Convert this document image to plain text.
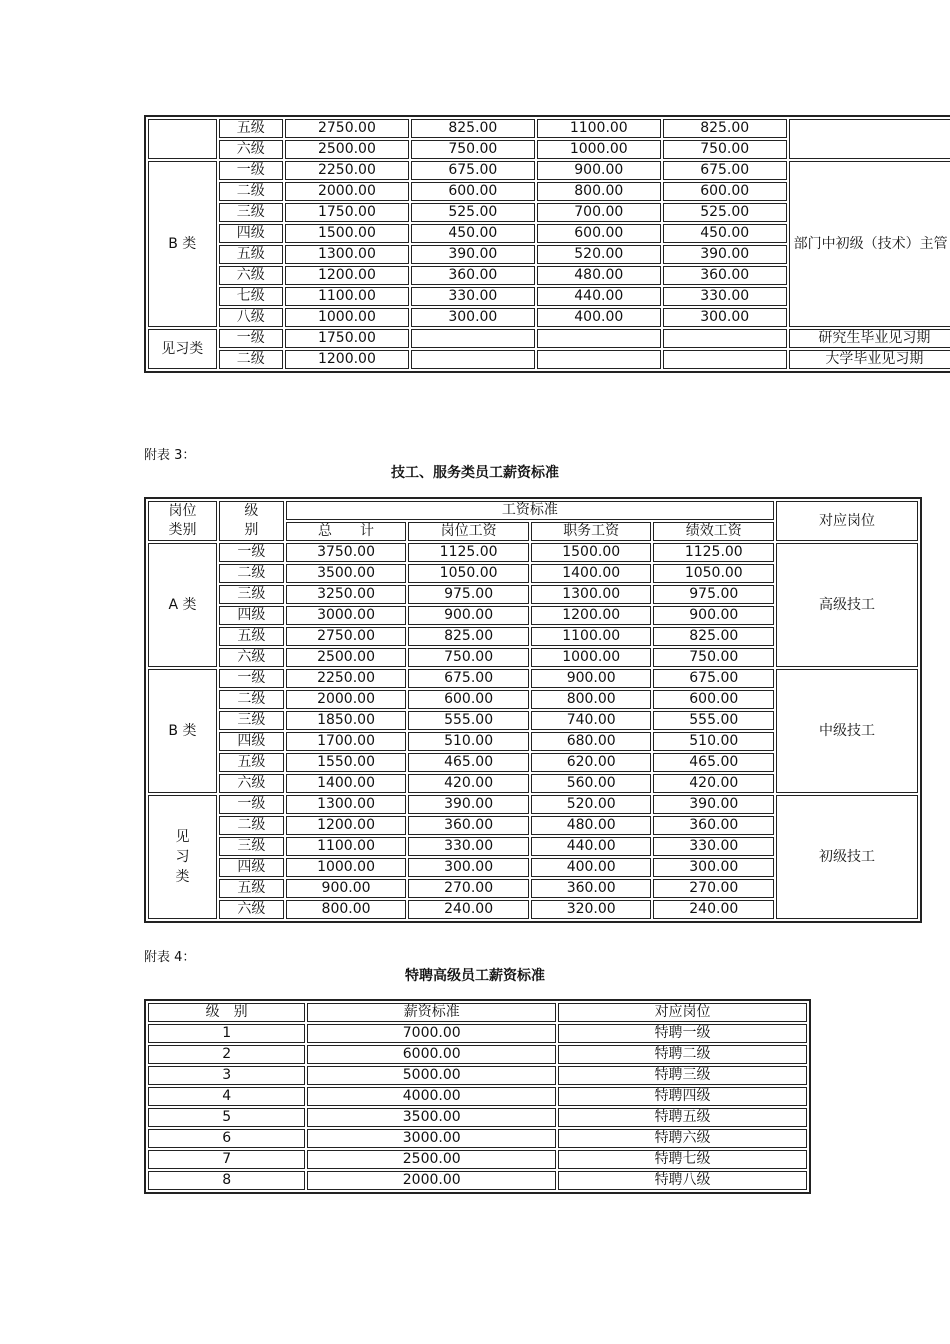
	五级	2750.00	825.00	1100.00	825.00	
	六级	2500.00	750.00	1000.00	750.00	
B 类	一级	2250.00	675.00	900.00	675.00	部门中初级（技术）主管
	二级	2000.00	600.00	800.00	600.00	
	三级	1750.00	525.00	700.00	525.00	
	四级	1500.00	450.00	600.00	450.00	
	五级	1300.00	390.00	520.00	390.00	
	六级	1200.00	360.00	480.00	360.00	
	七级	1100.00	330.00	440.00	330.00	
	八级	1000.00	300.00	400.00	300.00	
见习类	一级	1750.00				研究生毕业见习期
	二级	1200.00				大学毕业见习期
附表 3：
技工、服务类员工薪资标准
岗位
类别	级
别	工资标准				对应岗位
		总　　计	岗位工资	职务工资	绩效工资	
A 类	一级	3750.00	1125.00	1500.00	1125.00	高级技工
	二级	3500.00	1050.00	1400.00	1050.00	
	三级	3250.00	975.00	1300.00	975.00	
	四级	3000.00	900.00	1200.00	900.00	
	五级	2750.00	825.00	1100.00	825.00	
	六级	2500.00	750.00	1000.00	750.00	
B 类	一级	2250.00	675.00	900.00	675.00	中级技工
	二级	2000.00	600.00	800.00	600.00	
	三级	1850.00	555.00	740.00	555.00	
	四级	1700.00	510.00	680.00	510.00	
	五级	1550.00	465.00	620.00	465.00	
	六级	1400.00	420.00	560.00	420.00	

见
习
类	一级	1300.00	390.00	520.00	390.00	初级技工
	二级	1200.00	360.00	480.00	360.00	
	三级	1100.00	330.00	440.00	330.00	
	四级	1000.00	300.00	400.00	300.00	
	五级	900.00	270.00	360.00	270.00	
	六级	800.00	240.00	320.00	240.00	
附表 4：
特聘高级员工薪资标准
级　别	薪资标准	对应岗位
1	7000.00	特聘一级
2	6000.00	特聘二级
3	5000.00	特聘三级
4	4000.00	特聘四级
5	3500.00	特聘五级
6	3000.00	特聘六级
7	2500.00	特聘七级
8	2000.00	特聘八级
